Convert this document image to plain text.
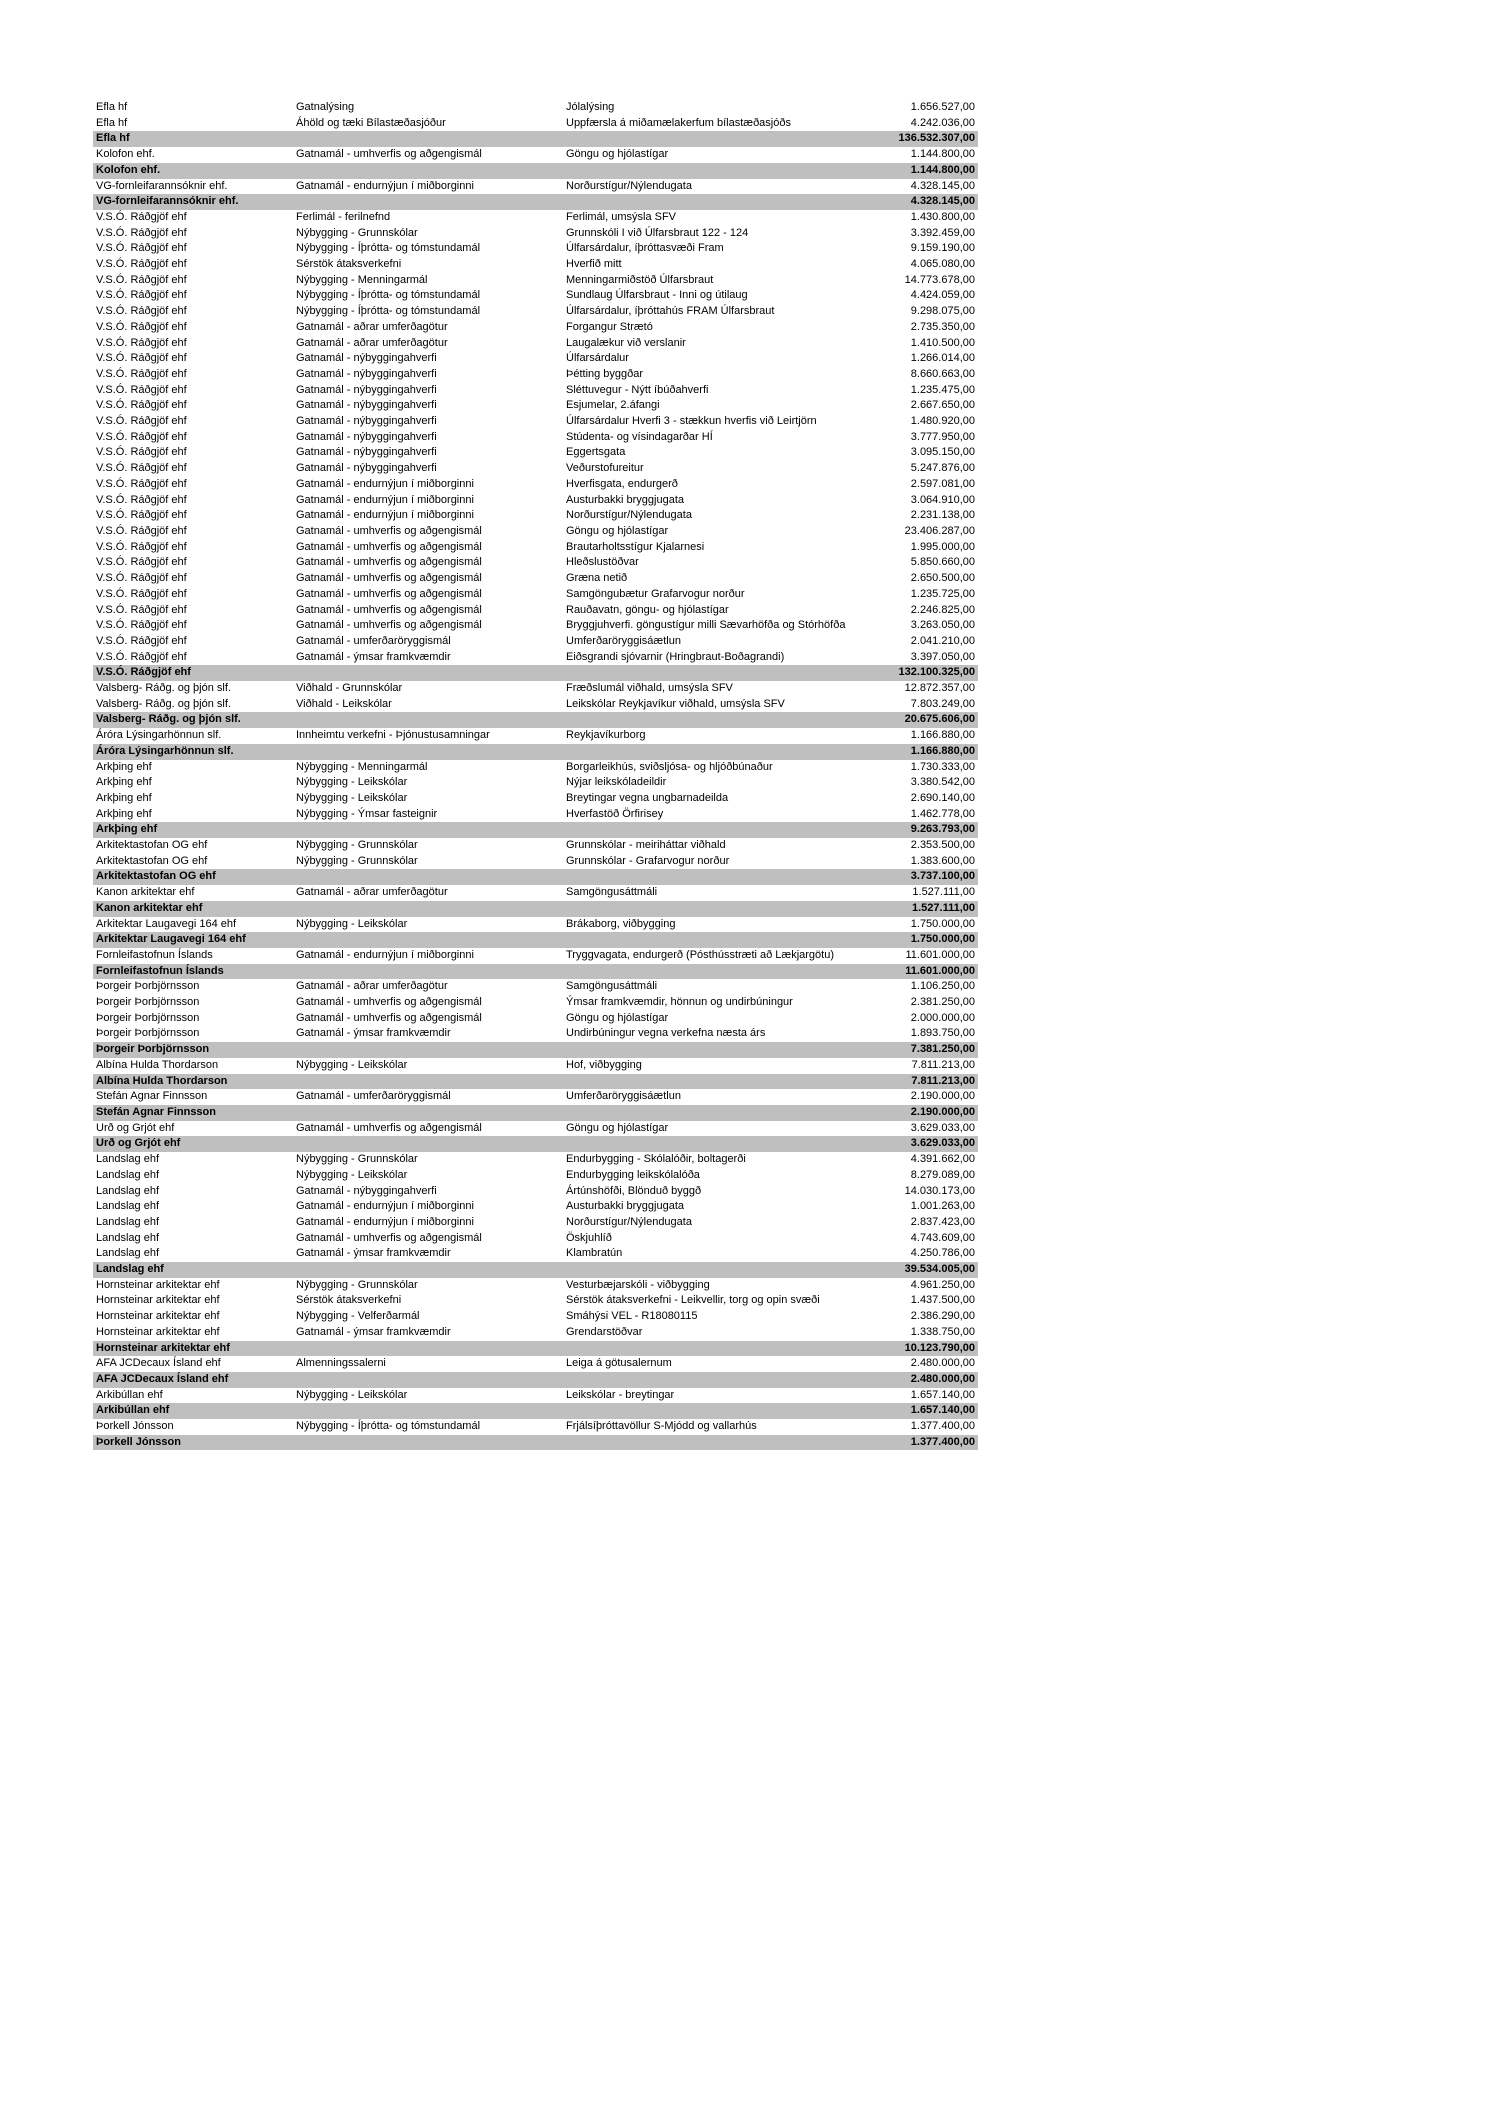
Efla hf	Gatnalýsing	Jólalýsing	1.656.527,00
Efla hf	Áhöld og tæki Bílastæðasjóður	Uppfærsla á miðamælakerfum bílastæðasjóðs	4.242.036,00
Efla hf			136.532.307,00
Kolofon ehf.	Gatnamál - umhverfis og aðgengismál	Göngu og hjólastígar	1.144.800,00
Kolofon ehf.			1.144.800,00
VG-fornleifarannsóknir ehf.	Gatnamál - endurnýjun í miðborginni	Norðurstígur/Nýlendugata	4.328.145,00
VG-fornleifarannsóknir ehf.			4.328.145,00
V.S.Ó. Ráðgjöf ehf	Ferlimál - ferilnefnd	Ferlimál, umsýsla SFV	1.430.800,00
V.S.Ó. Ráðgjöf ehf	Nýbygging - Grunnskólar	Grunnskóli I við Úlfarsbraut 122 - 124	3.392.459,00
V.S.Ó. Ráðgjöf ehf	Nýbygging - Íþrótta- og tómstundamál	Úlfarsárdalur, íþróttasvæði Fram	9.159.190,00
V.S.Ó. Ráðgjöf ehf	Sérstök átaksverkefni	Hverfið mitt	4.065.080,00
V.S.Ó. Ráðgjöf ehf	Nýbygging - Menningarmál	Menningarmiðstöð Úlfarsbraut	14.773.678,00
V.S.Ó. Ráðgjöf ehf	Nýbygging - Íþrótta- og tómstundamál	Sundlaug Úlfarsbraut - Inni og útilaug	4.424.059,00
V.S.Ó. Ráðgjöf ehf	Nýbygging - Íþrótta- og tómstundamál	Úlfarsárdalur, íþróttahús FRAM Úlfarsbraut	9.298.075,00
V.S.Ó. Ráðgjöf ehf	Gatnamál - aðrar umferðagötur	Forgangur Strætó	2.735.350,00
V.S.Ó. Ráðgjöf ehf	Gatnamál - aðrar umferðagötur	Laugalækur við verslanir	1.410.500,00
V.S.Ó. Ráðgjöf ehf	Gatnamál - nýbyggingahverfi	Úlfarsárdalur	1.266.014,00
V.S.Ó. Ráðgjöf ehf	Gatnamál - nýbyggingahverfi	Þétting byggðar	8.660.663,00
V.S.Ó. Ráðgjöf ehf	Gatnamál - nýbyggingahverfi	Sléttuvegur - Nýtt íbúðahverfi	1.235.475,00
V.S.Ó. Ráðgjöf ehf	Gatnamál - nýbyggingahverfi	Esjumelar, 2.áfangi	2.667.650,00
V.S.Ó. Ráðgjöf ehf	Gatnamál - nýbyggingahverfi	Úlfarsárdalur Hverfi 3 - stækkun hverfis við Leirtjörn	1.480.920,00
V.S.Ó. Ráðgjöf ehf	Gatnamál - nýbyggingahverfi	Stúdenta- og vísindagarðar HÍ	3.777.950,00
V.S.Ó. Ráðgjöf ehf	Gatnamál - nýbyggingahverfi	Eggertsgata	3.095.150,00
V.S.Ó. Ráðgjöf ehf	Gatnamál - nýbyggingahverfi	Veðurstofureitur	5.247.876,00
V.S.Ó. Ráðgjöf ehf	Gatnamál - endurnýjun í miðborginni	Hverfisgata, endurgerð	2.597.081,00
V.S.Ó. Ráðgjöf ehf	Gatnamál - endurnýjun í miðborginni	Austurbakki bryggjugata	3.064.910,00
V.S.Ó. Ráðgjöf ehf	Gatnamál - endurnýjun í miðborginni	Norðurstígur/Nýlendugata	2.231.138,00
V.S.Ó. Ráðgjöf ehf	Gatnamál - umhverfis og aðgengismál	Göngu og hjólastígar	23.406.287,00
V.S.Ó. Ráðgjöf ehf	Gatnamál - umhverfis og aðgengismál	Brautarholtsstígur Kjalarnesi	1.995.000,00
V.S.Ó. Ráðgjöf ehf	Gatnamál - umhverfis og aðgengismál	Hleðslustöðvar	5.850.660,00
V.S.Ó. Ráðgjöf ehf	Gatnamál - umhverfis og aðgengismál	Græna netið	2.650.500,00
V.S.Ó. Ráðgjöf ehf	Gatnamál - umhverfis og aðgengismál	Samgöngubætur Grafarvogur norður	1.235.725,00
V.S.Ó. Ráðgjöf ehf	Gatnamál - umhverfis og aðgengismál	Rauðavatn, göngu- og hjólastígar	2.246.825,00
V.S.Ó. Ráðgjöf ehf	Gatnamál - umhverfis og aðgengismál	Bryggjuhverfi. göngustígur milli Sævarhöfða og Stórhöfða	3.263.050,00
V.S.Ó. Ráðgjöf ehf	Gatnamál - umferðaröryggismál	Umferðaröryggisáætlun	2.041.210,00
V.S.Ó. Ráðgjöf ehf	Gatnamál - ýmsar framkvæmdir	Eiðsgrandi sjóvarnir (Hringbraut-Boðagrandi)	3.397.050,00
V.S.Ó. Ráðgjöf ehf			132.100.325,00
Valsberg- Ráðg. og þjón slf.	Viðhald - Grunnskólar	Fræðslumál viðhald, umsýsla SFV	12.872.357,00
Valsberg- Ráðg. og þjón slf.	Viðhald - Leikskólar	Leikskólar Reykjavíkur viðhald, umsýsla SFV	7.803.249,00
Valsberg- Ráðg. og þjón slf.			20.675.606,00
Áróra Lýsingarhönnun slf.	Innheimtu verkefni - Þjónustusamningar	Reykjavíkurborg	1.166.880,00
Áróra Lýsingarhönnun slf.			1.166.880,00
Arkþing ehf	Nýbygging - Menningarmál	Borgarleikhús, sviðsljósa- og hljóðbúnaður	1.730.333,00
Arkþing ehf	Nýbygging - Leikskólar	Nýjar leikskóladeildir	3.380.542,00
Arkþing ehf	Nýbygging - Leikskólar	Breytingar vegna ungbarnadeilda	2.690.140,00
Arkþing ehf	Nýbygging - Ýmsar fasteignir	Hverfastöð Örfirisey	1.462.778,00
Arkþing ehf			9.263.793,00
Arkitektastofan OG ehf	Nýbygging - Grunnskólar	Grunnskólar - meiriháttar viðhald	2.353.500,00
Arkitektastofan OG ehf	Nýbygging - Grunnskólar	Grunnskólar - Grafarvogur norður	1.383.600,00
Arkitektastofan OG ehf			3.737.100,00
Kanon arkitektar ehf	Gatnamál - aðrar umferðagötur	Samgöngusáttmáli	1.527.111,00
Kanon arkitektar ehf			1.527.111,00
Arkitektar Laugavegi 164 ehf	Nýbygging - Leikskólar	Brákaborg, viðbygging	1.750.000,00
Arkitektar Laugavegi 164 ehf			1.750.000,00
Fornleifastofnun Íslands	Gatnamál - endurnýjun í miðborginni	Tryggvagata, endurgerð (Pósthússtræti að Lækjargötu)	11.601.000,00
Fornleifastofnun Íslands			11.601.000,00
Þorgeir Þorbjörnsson	Gatnamál - aðrar umferðagötur	Samgöngusáttmáli	1.106.250,00
Þorgeir Þorbjörnsson	Gatnamál - umhverfis og aðgengismál	Ýmsar framkvæmdir, hönnun og undirbúningur	2.381.250,00
Þorgeir Þorbjörnsson	Gatnamál - umhverfis og aðgengismál	Göngu og hjólastígar	2.000.000,00
Þorgeir Þorbjörnsson	Gatnamál - ýmsar framkvæmdir	Undirbúningur vegna verkefna næsta árs	1.893.750,00
Þorgeir Þorbjörnsson			7.381.250,00
Albína Hulda Thordarson	Nýbygging - Leikskólar	Hof, viðbygging	7.811.213,00
Albína Hulda Thordarson			7.811.213,00
Stefán Agnar Finnsson	Gatnamál - umferðaröryggismál	Umferðaröryggisáætlun	2.190.000,00
Stefán Agnar Finnsson			2.190.000,00
Urð og Grjót ehf	Gatnamál - umhverfis og aðgengismál	Göngu og hjólastígar	3.629.033,00
Urð og Grjót ehf			3.629.033,00
Landslag ehf	Nýbygging - Grunnskólar	Endurbygging - Skólalóðir, boltagerði	4.391.662,00
Landslag ehf	Nýbygging - Leikskólar	Endurbygging leikskólalóða	8.279.089,00
Landslag ehf	Gatnamál - nýbyggingahverfi	Ártúnshöfði, Blönduð byggð	14.030.173,00
Landslag ehf	Gatnamál - endurnýjun í miðborginni	Austurbakki bryggjugata	1.001.263,00
Landslag ehf	Gatnamál - endurnýjun í miðborginni	Norðurstígur/Nýlendugata	2.837.423,00
Landslag ehf	Gatnamál - umhverfis og aðgengismál	Öskjuhlíð	4.743.609,00
Landslag ehf	Gatnamál - ýmsar framkvæmdir	Klambratún	4.250.786,00
Landslag ehf			39.534.005,00
Hornsteinar arkitektar ehf	Nýbygging - Grunnskólar	Vesturbæjarskóli - viðbygging	4.961.250,00
Hornsteinar arkitektar ehf	Sérstök átaksverkefni	Sérstök átaksverkefni - Leikvellir, torg og opin svæði	1.437.500,00
Hornsteinar arkitektar ehf	Nýbygging - Velferðarmál	Smáhýsi VEL - R18080115	2.386.290,00
Hornsteinar arkitektar ehf	Gatnamál - ýmsar framkvæmdir	Grendarstöðvar	1.338.750,00
Hornsteinar arkitektar ehf			10.123.790,00
AFA JCDecaux Ísland ehf	Almenningssalerni	Leiga á götusalernum	2.480.000,00
AFA JCDecaux Ísland ehf			2.480.000,00
Arkibúllan ehf	Nýbygging - Leikskólar	Leikskólar - breytingar	1.657.140,00
Arkibúllan ehf			1.657.140,00
Þorkell Jónsson	Nýbygging - Íþrótta- og tómstundamál	Frjálsíþróttavöllur S-Mjódd og vallarhús	1.377.400,00
Þorkell Jónsson			1.377.400,00
